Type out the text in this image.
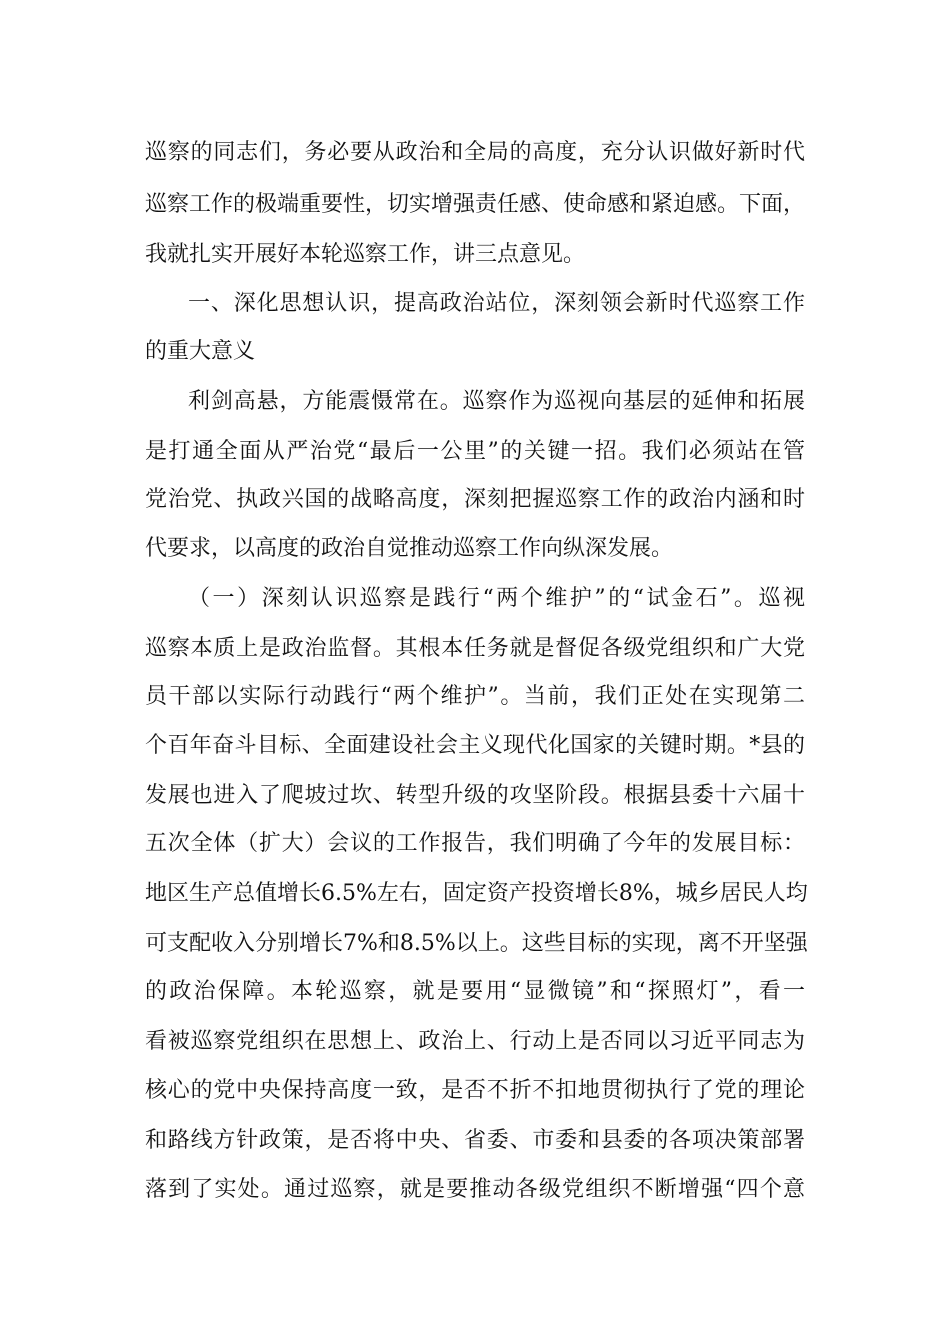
巡察的同志们，务必要从政治和全局的高度，充分认识做好新时代
巡察工作的极端重要性，切实增强责任感、使命感和紧迫感。下面，
我就扎实开展好本轮巡察工作，讲三点意见。
一、深化思想认识，提高政治站位，深刻领会新时代巡察工作
的重大意义
利剑高悬，方能震慑常在。巡察作为巡视向基层的延伸和拓展
是打通全面从严治党“最后一公里”的关键一招。我们必须站在管
党治党、执政兴国的战略高度，深刻把握巡察工作的政治内涵和时
代要求，以高度的政治自觉推动巡察工作向纵深发展。
（一）深刻认识巡察是践行“两个维护”的“试金石”。巡视
巡察本质上是政治监督。其根本任务就是督促各级党组织和广大党
员干部以实际行动践行“两个维护”。当前，我们正处在实现第二
个百年奋斗目标、全面建设社会主义现代化国家的关键时期。*县的
发展也进入了爬坡过坎、转型升级的攻坚阶段。根据县委十六届十
五次全体（扩大）会议的工作报告，我们明确了今年的发展目标：
地区生产总值增长6.5%左右，固定资产投资增长8%，城乡居民人均
可支配收入分别增长7%和8.5%以上。这些目标的实现，离不开坚强
的政治保障。本轮巡察，就是要用“显微镜”和“探照灯”，看一
看被巡察党组织在思想上、政治上、行动上是否同以习近平同志为
核心的党中央保持高度一致，是否不折不扣地贯彻执行了党的理论
和路线方针政策，是否将中央、省委、市委和县委的各项决策部署
落到了实处。通过巡察，就是要推动各级党组织不断增强“四个意
